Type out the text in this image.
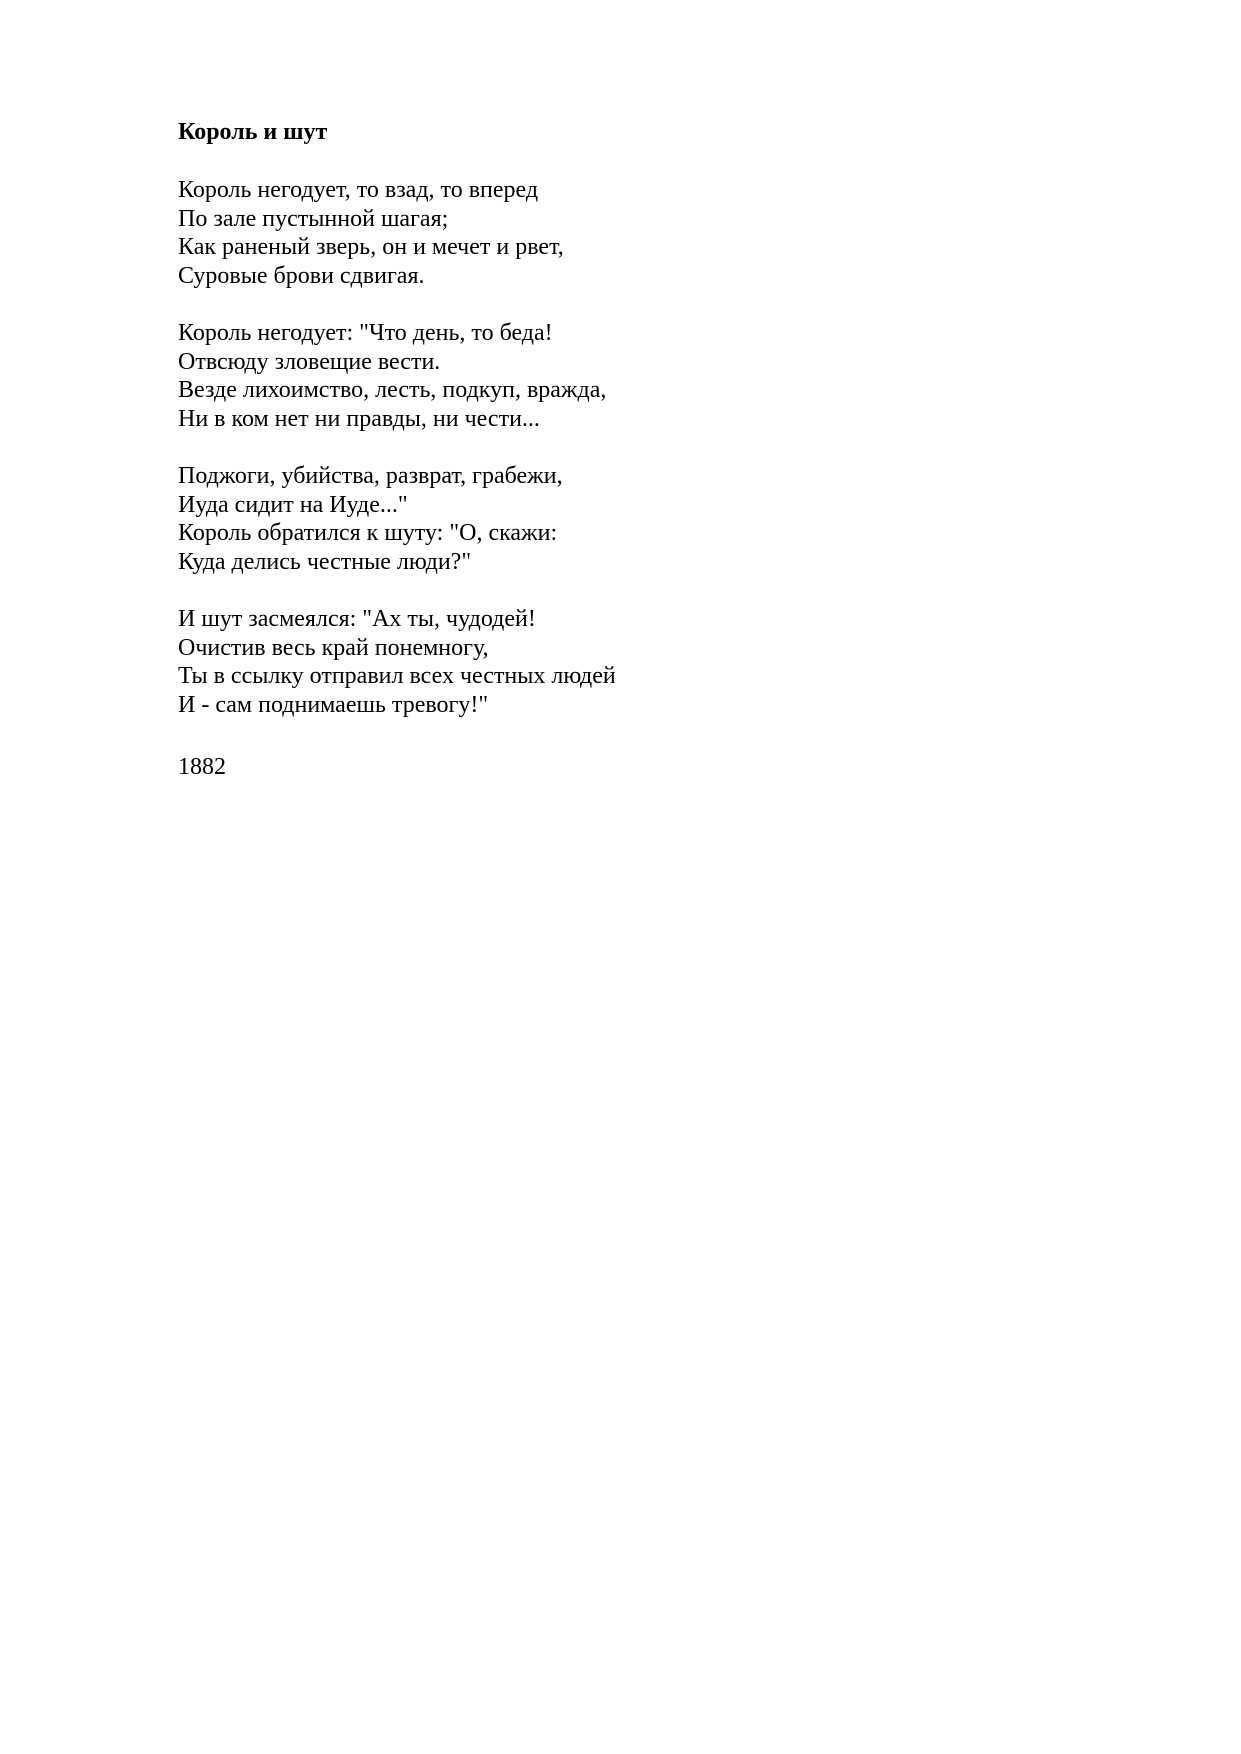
Король и шут
Король негодует, то взад, то вперед
По зале пустынной шагая;
Как раненый зверь, он и мечет и рвет,
Суровые брови сдвигая.
Король негодует: "Что день, то беда!
Отвсюду зловещие вести.
Везде лихоимство, лесть, подкуп, вражда,
Ни в ком нет ни правды, ни чести...
Поджоги, убийства, разврат, грабежи,
Иуда сидит на Иуде..."
Король обратился к шуту: "О, скажи:
Куда делись честные люди?"
И шут засмеялся: "Ах ты, чудодей!
Очистив весь край понемногу,
Ты в ссылку отправил всех честных людей
И - сам поднимаешь тревогу!"
1882
